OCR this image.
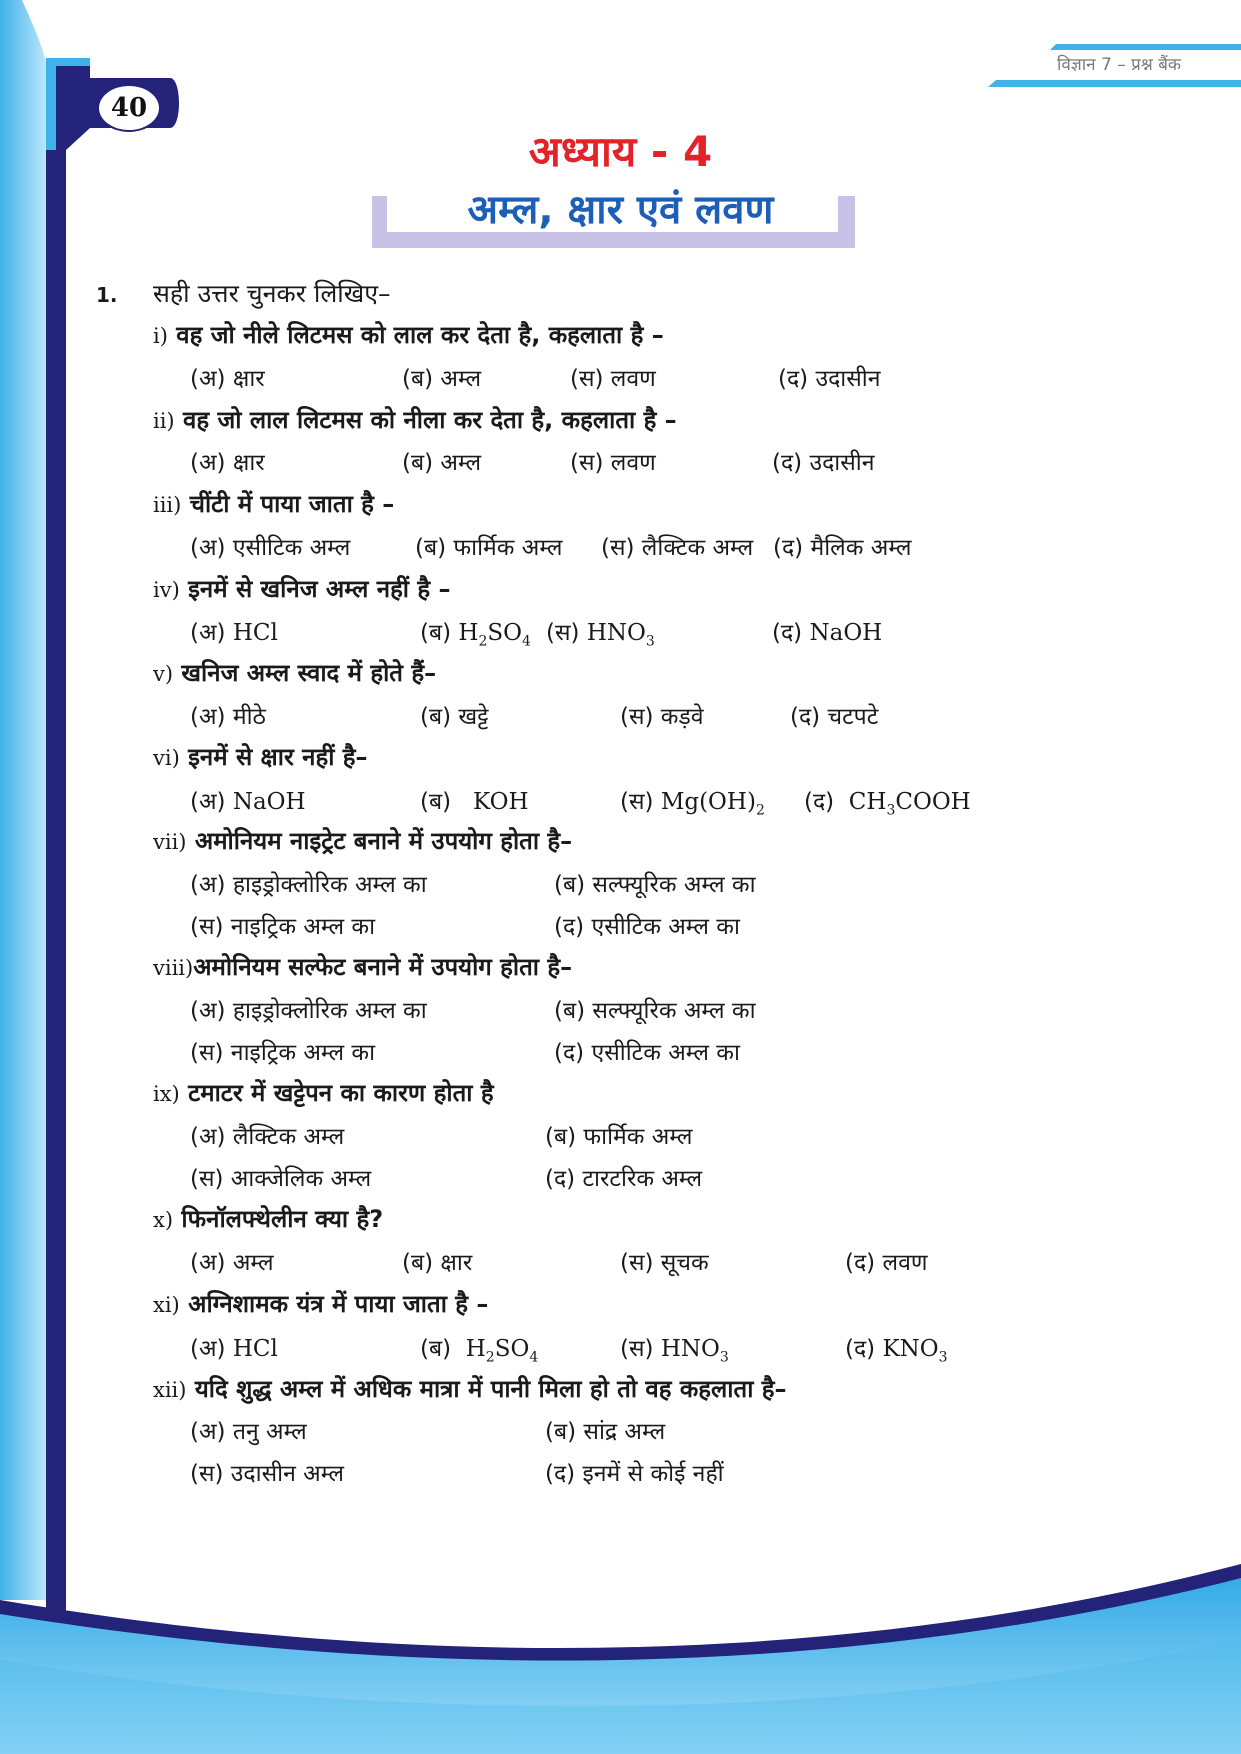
विज्ञान 7 – प्रश्न बैंक
40
अध्याय - 4
अम्ल, क्षार एवं लवण
1. सही उत्तर चुनकर लिखिए–
i) वह जो नीले लिटमस को लाल कर देता है, कहलाता है –
(अ) क्षार	(ब) अम्ल	(स) लवण	(द) उदासीन
ii) वह जो लाल लिटमस को नीला कर देता है, कहलाता है –
(अ) क्षार	(ब) अम्ल	(स) लवण	(द) उदासीन
iii) चींटी में पाया जाता है –
(अ) एसीटिक अम्ल	(ब) फार्मिक अम्ल (स) लैक्टिक अम्ल (द) मैलिक अम्ल
iv) इनमें से खनिज अम्ल नहीं है –
(अ) HCl	(ब) $H_2SO_4$ (स) $HNO_3$	(द) NaOH
v) खनिज अम्ल स्वाद में होते हैं–
(अ) मीठे	(ब) खट्टे	(स) कड़वे	(द) चटपटे
vi) इनमें से क्षार नहीं है–
(अ) NaOH	(ब) KOH	(स) $Mg(OH)_2$ (द) $CH_3COOH$
vii) अमोनियम नाइट्रेट बनाने में उपयोग होता है–
(अ) हाइड्रोक्लोरिक अम्ल का	(ब) सल्फ्यूरिक अम्ल का
(स) नाइट्रिक अम्ल का	(द) एसीटिक अम्ल का
viii)अमोनियम सल्फेट बनाने में उपयोग होता है–
(अ) हाइड्रोक्लोरिक अम्ल का	(ब) सल्फ्यूरिक अम्ल का
(स) नाइट्रिक अम्ल का	(द) एसीटिक अम्ल का
ix) टमाटर में खट्टेपन का कारण होता है
(अ) लैक्टिक अम्ल	(ब) फार्मिक अम्ल
(स) आक्जेलिक अम्ल	(द) टारटरिक अम्ल
x) फिनॉलफ्थेलीन क्या है?
(अ) अम्ल	(ब) क्षार	(स) सूचक	(द) लवण
xi) अग्निशामक यंत्र में पाया जाता है –
(अ) HCl	(ब) $H_2SO_4$	(स) $HNO_3$	(द) $KNO_3$
xii) यदि शुद्ध अम्ल में अधिक मात्रा में पानी मिला हो तो वह कहलाता है–
(अ) तनु अम्ल	(ब) सांद्र अम्ल
(स) उदासीन अम्ल	(द) इनमें से कोई नहीं
